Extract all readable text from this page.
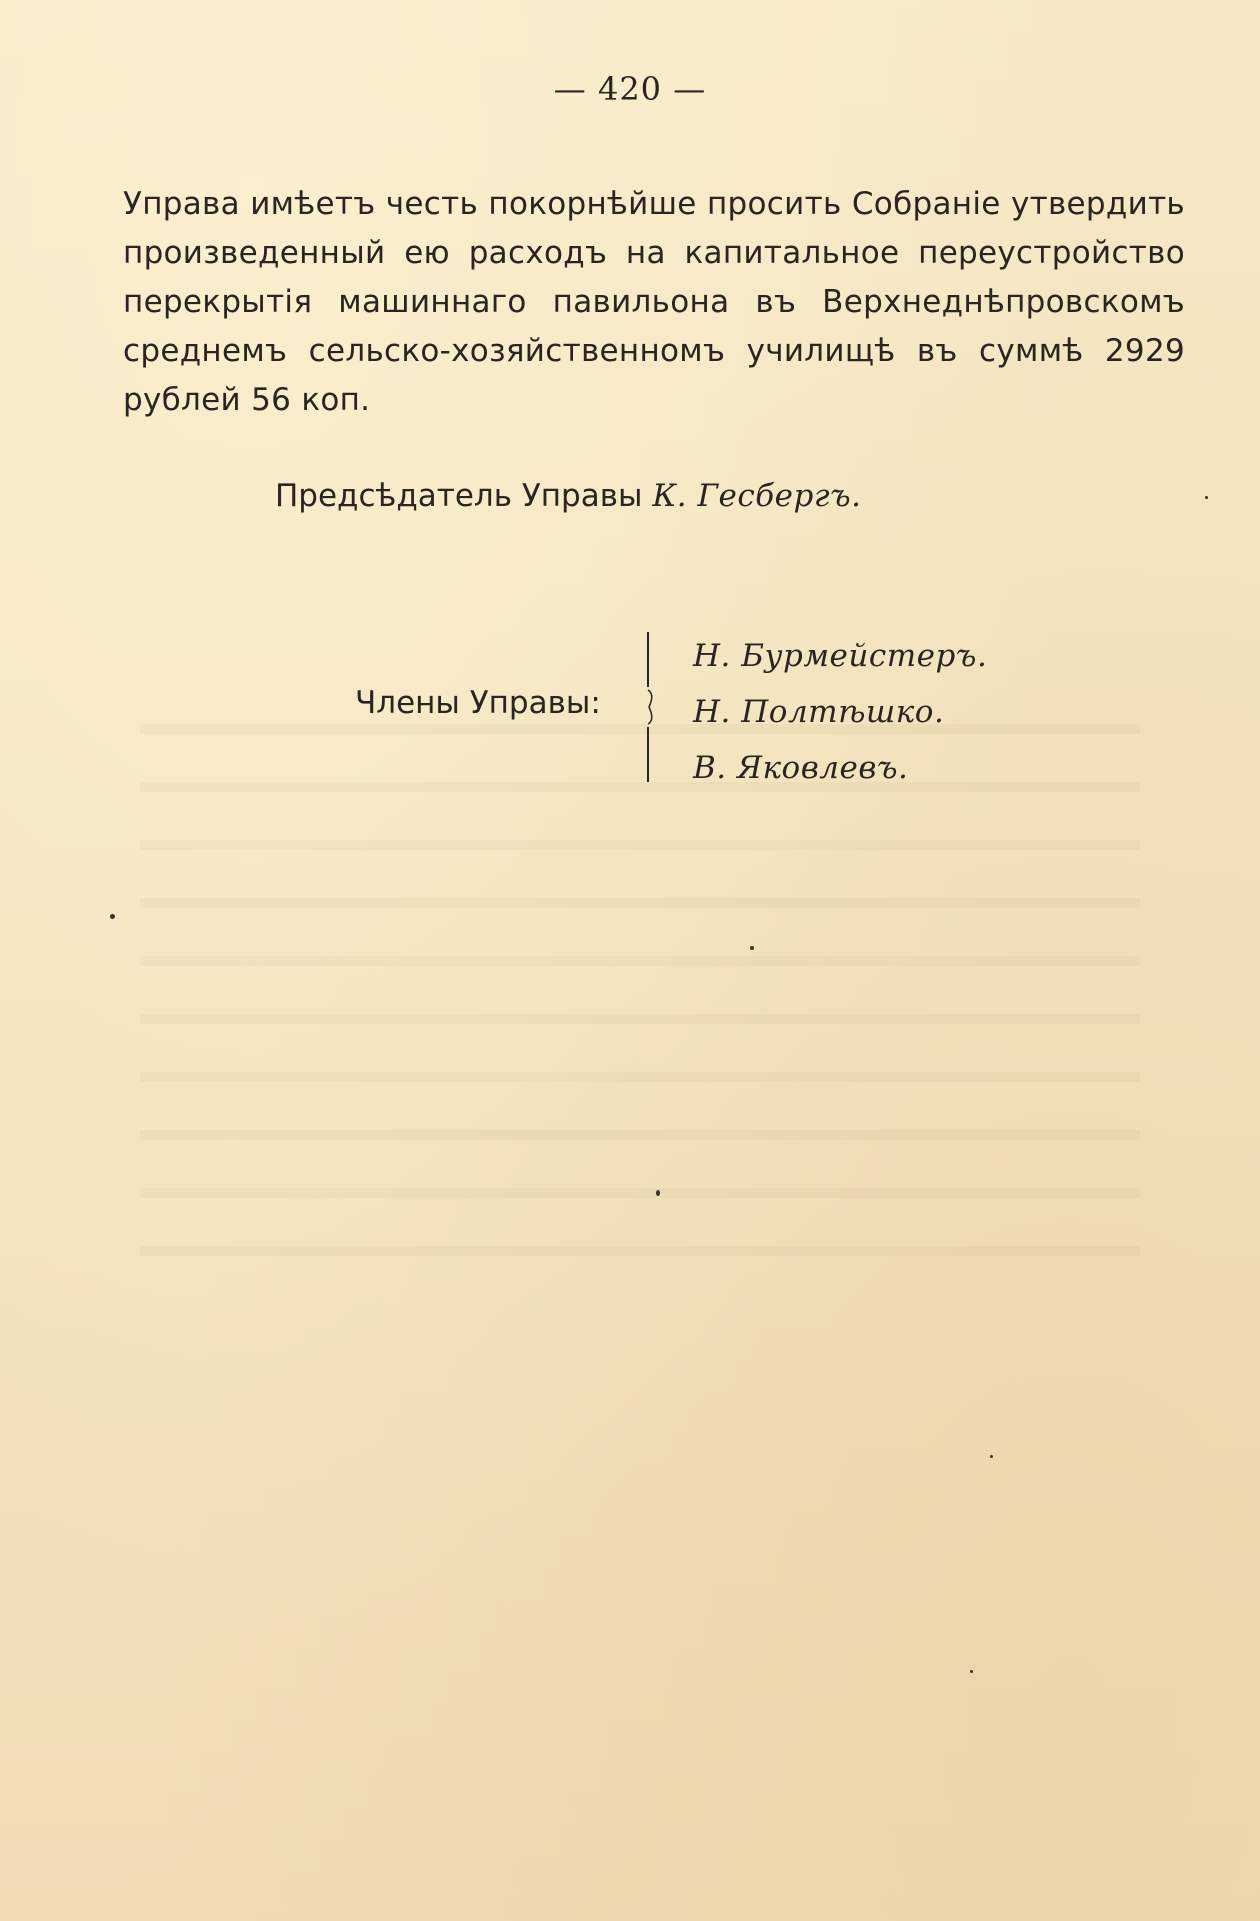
— 420 —
Управа имѣетъ честь покорнѣйше просить Собраніе утвердить
произведенный ею расходъ на капитальное переустройство
перекрытія машиннаго павильона въ Верхнеднѣпровскомъ
среднемъ сельско-хозяйственномъ училищѣ въ суммѣ 2929
рублей 56 коп.
Предсѣдатель Управы К. Гесбергъ.
Члены Управы:
Н. Бурмейстеръ.
Н. Полтѣшко.
В. Яковлевъ.
